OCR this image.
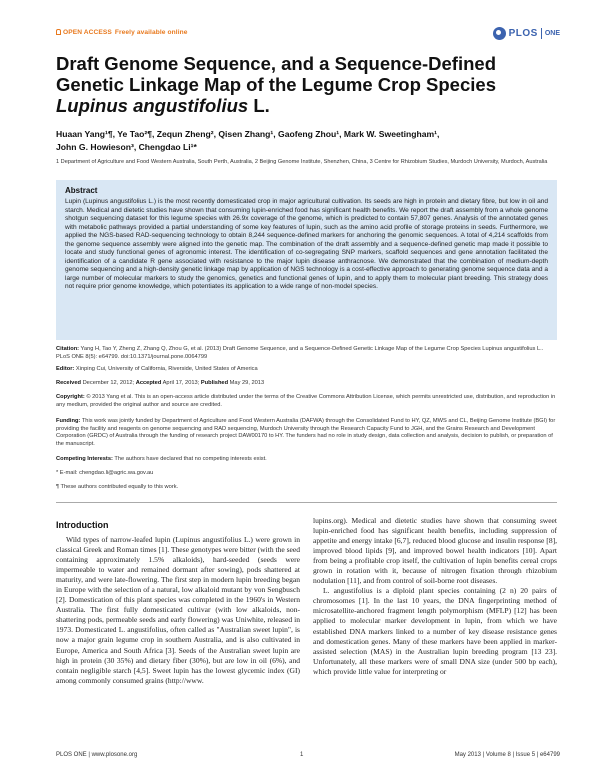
OPEN ACCESS Freely available online	PLOS ONE
Draft Genome Sequence, and a Sequence-Defined
Genetic Linkage Map of the Legume Crop Species
Lupinus angustifolius L.
Huaan Yang¹¶, Ye Tao²¶, Zequn Zheng², Qisen Zhang¹, Gaofeng Zhou¹, Mark W. Sweetingham¹,
John G. Howieson³, Chengdao Li¹*
1 Department of Agriculture and Food Western Australia, South Perth, Australia, 2 Beijing Genome Institute, Shenzhen, China, 3 Centre for Rhizobium Studies, Murdoch University, Murdoch, Australia
Abstract
Lupin (Lupinus angustifolius L.) is the most recently domesticated crop in major agricultural cultivation. Its seeds are high in protein and dietary fibre, but low in oil and starch. Medical and dietetic studies have shown that consuming lupin-enriched food has significant health benefits. We report the draft assembly from a whole genome shotgun sequencing dataset for this legume species with 26.9x coverage of the genome, which is predicted to contain 57,807 genes. Analysis of the annotated genes with metabolic pathways provided a partial understanding of some key features of lupin, such as the amino acid profile of storage proteins in seeds. Furthermore, we applied the NGS-based RAD-sequencing technology to obtain 8,244 sequence-defined markers for anchoring the genomic sequences. A total of 4,214 scaffolds from the genome sequence assembly were aligned into the genetic map. The combination of the draft assembly and a sequence-defined genetic map made it possible to locate and study functional genes of agronomic interest. The identification of co-segregating SNP markers, scaffold sequences and gene annotation facilitated the identification of a candidate R gene associated with resistance to the major lupin disease anthracnose. We demonstrated that the combination of medium-depth genome sequencing and a high-density genetic linkage map by application of NGS technology is a cost-effective approach to generating genome sequence data and a large number of molecular markers to study the genomics, genetics and functional genes of lupin, and to apply them to molecular plant breeding. This strategy does not require prior genome knowledge, which potentiates its application to a wide range of non-model species.
Citation: Yang H, Tao Y, Zheng Z, Zhang Q, Zhou G, et al. (2013) Draft Genome Sequence, and a Sequence-Defined Genetic Linkage Map of the Legume Crop Species Lupinus angustifolius L.. PLoS ONE 8(5): e64799. doi:10.1371/journal.pone.0064799
Editor: Xinping Cui, University of California, Riverside, United States of America
Received December 12, 2012; Accepted April 17, 2013; Published May 29, 2013
Copyright: © 2013 Yang et al. This is an open-access article distributed under the terms of the Creative Commons Attribution License, which permits unrestricted use, distribution, and reproduction in any medium, provided the original author and source are credited.
Funding: This work was jointly funded by Department of Agriculture and Food Western Australia (DAFWA) through the Consolidated Fund to HY, QZ, MWS and CL, Beijing Genome Institute (BGI) for providing the facility and reagents on genome sequencing and RAD sequencing, Murdoch University through the Research Capacity Fund to JGH, and the Grains Research and Development Corporation (GRDC) of Australia through the funding of research project DAW00170 to HY. The funders had no role in study design, data collection and analysis, decision to publish, or preparation of the manuscript.
Competing Interests: The authors have declared that no competing interests exist.
* E-mail: chengdao.li@agric.wa.gov.au
¶ These authors contributed equally to this work.
Introduction

Wild types of narrow-leafed lupin (Lupinus angustifolius L.) were grown in classical Greek and Roman times [1]. These genotypes were bitter (with the seed containing approximately 1.5% alkaloids), hard-seeded (seeds were impermeable to water and remained dormant after sowing), pods shattered at maturity, and were late-flowering. The first step in modern lupin breeding began in Europe with the selection of a natural, low alkaloid mutant by von Sengbusch [2]. Domestication of this plant species was completed in the 1960's in Western Australia. The first fully domesticated cultivar (with low alkaloids, non-shattering pods, permeable seeds and early flowering) was Uniwhite, released in 1973. Domesticated L. angustifolius, often called as "Australian sweet lupin", is now a major grain legume crop in southern Australia, and is also cultivated in Europe, America and South Africa [3]. Seeds of the Australian sweet lupin are high in protein (30 35%) and dietary fiber (30%), but are low in oil (6%), and contain negligible starch [4,5]. Sweet lupin has the lowest glycemic index (GI) among commonly consumed grains (http://www.

lupins.org). Medical and dietetic studies have shown that consuming sweet lupin-enriched food has significant health benefits, including suppression of appetite and energy intake [6,7], reduced blood glucose and insulin response [8], improved blood lipids [9], and improved bowel health indicators [10]. Apart from being a profitable crop itself, the cultivation of lupin benefits cereal crops grown in rotation with it, because of nitrogen fixation through rhizobium nodulation [11], and from control of soil-borne root diseases.

L. angustifolius is a diploid plant species containing (2 n) 20 pairs of chromosomes [1]. In the last 10 years, the DNA fingerprinting method of microsatellite-anchored fragment length polymorphism (MFLP) [12] has been applied to molecular marker development in lupin, from which we have established DNA markers linked to a number of key disease resistance genes and domestication genes. Many of these markers have been applied in marker-assisted selection (MAS) in the Australian lupin breeding program [13 23]. Unfortunately, all these markers were of small DNA size (under 500 bp each), which provide little value for interpreting or

PLOS ONE | www.plosone.org	1	May 2013 | Volume 8 | Issue 5 | e64799
